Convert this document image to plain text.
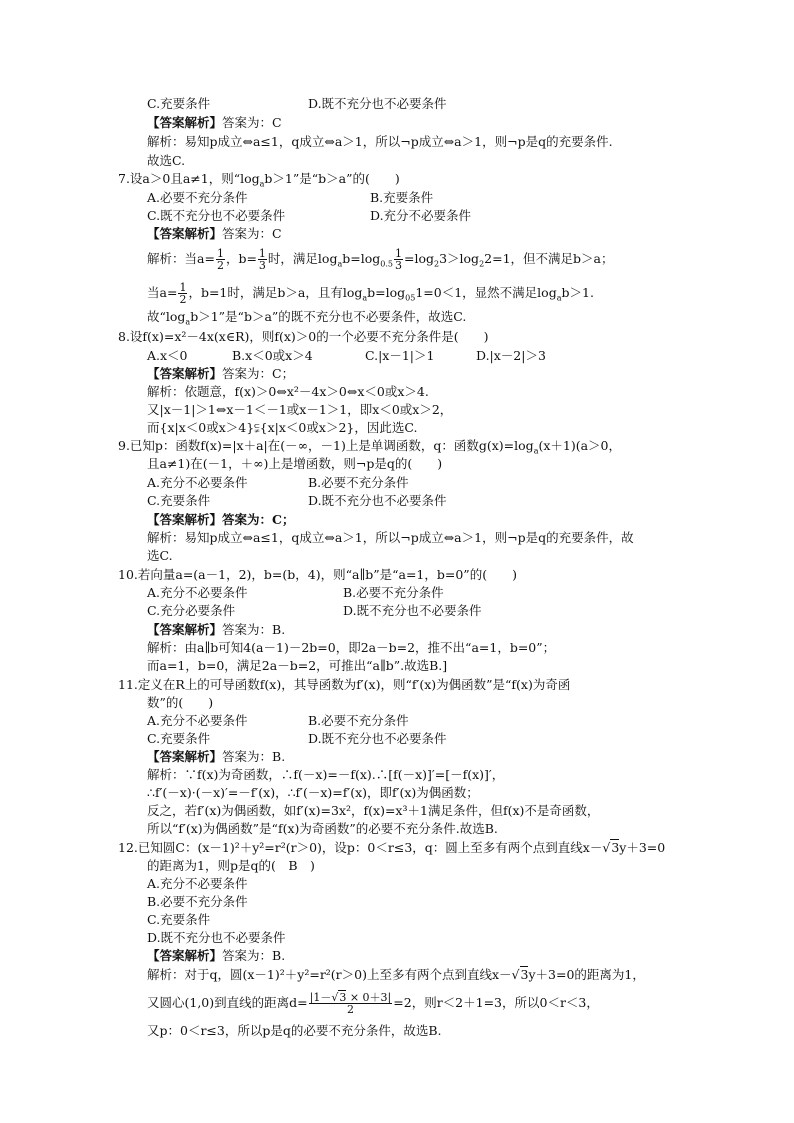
C.充要条件	D.既不充分也不必要条件
【答案解析】答案为：C
解析：易知p成立⇔a≤1，q成立⇔a＞1，所以¬p成立⇔a＞1，则¬p是q的充要条件.
故选C.
7.设a＞0且a≠1，则“$\log_ab>1$”是“b＞a”的(　　)
A.必要不充分条件	B.充要条件
C.既不充分也不必要条件	D.充分不必要条件
【答案解析】答案为：C
解析：当$a= \frac{1}{2}$ ，$b= \frac{1}{3}$ 时，满足$\log_ab=\log_{0.5} \frac{1}{3} =\log_23>\log_22=1$，但不满足b＞a；
当$a= \frac{1}{2}$ ，b=1时，满足b＞a，且有$\log_ab=\log_{05}1=0<1$，显然不满足$\log_ab>1$.
故“$\log_ab>1$”是“b＞a”的既不充分也不必要条件，故选C.
8.设f(x)=x²－4x(x∈R)，则f(x)＞0的一个必要不充分条件是(　　)
A.x＜0	B.x＜0或x＞4	C.|x－1|＞1	D.|x－2|＞3
【答案解析】答案为：C；
解析：依题意，f(x)＞0⇔x²－4x＞0⇔x＜0或x＞4.
又|x－1|＞1⇔x－1＜－1或x－1＞1，即x＜0或x＞2，
而{x|x＜0或x＞4}⫋{x|x＜0或x＞2}，因此选C.
9.已知p：函数f(x)=|x＋a|在(－∞，－1)上是单调函数，q：函数$g(x)=\log_a(x+1)(a>0$，
且a≠1)在(－1，＋∞)上是增函数，则¬p是q的(　　)
A.充分不必要条件	B.必要不充分条件
C.充要条件	D.既不充分也不必要条件
【答案解析】答案为：C；
解析：易知p成立⇔a≤1，q成立⇔a＞1，所以¬p成立⇔a＞1，则¬p是q的充要条件，故
选C.
10.若向量a=(a－1，2)，b=(b，4)，则“a∥b”是“a=1，b=0”的(　　)
A.充分不必要条件	B.必要不充分条件
C.充分必要条件	D.既不充分也不必要条件
【答案解析】答案为：B.
解析：由a∥b可知4(a－1)－2b=0，即2a－b=2，推不出“a=1，b=0”；
而a=1，b=0，满足2a－b=2，可推出“a∥b”.故选B.]
11.定义在R上的可导函数f(x)，其导函数为f′(x)，则“f′(x)为偶函数”是“f(x)为奇函
数”的(　　)
A.充分不必要条件	B.必要不充分条件
C.充要条件	D.既不充分也不必要条件
【答案解析】答案为：B.
解析：∵f(x)为奇函数，∴f(－x)=－f(x).∴[f(－x)]′=[－f(x)]′，
∴f′(－x)·(－x)′=－f′(x)，∴f′(－x)=f′(x)，即f′(x)为偶函数；
反之，若f′(x)为偶函数，如f′(x)=3x²，f(x)=x³＋1满足条件，但f(x)不是奇函数，
所以“f′(x)为偶函数”是“f(x)为奇函数”的必要不充分条件.故选B.
12.已知圆C：(x－1)²＋y²=r²(r＞0)，设p：0＜r≤3，q：圆上至多有两个点到直线x－√3y＋3=0
的距离为1，则p是q的(　B　)
A.充分不必要条件
B.必要不充分条件
C.充要条件
D.既不充分也不必要条件
【答案解析】答案为：B.
解析：对于q，圆(x－1)²＋y²=r²(r＞0)上至多有两个点到直线x－√3y＋3=0的距离为1，
又圆心(1,0)到直线的距离$d= \frac{|1-√3 \times 0+3|}{2} =2$，则r＜2＋1=3，所以0＜r＜3，
又p：0＜r≤3，所以p是q的必要不充分条件，故选B.
